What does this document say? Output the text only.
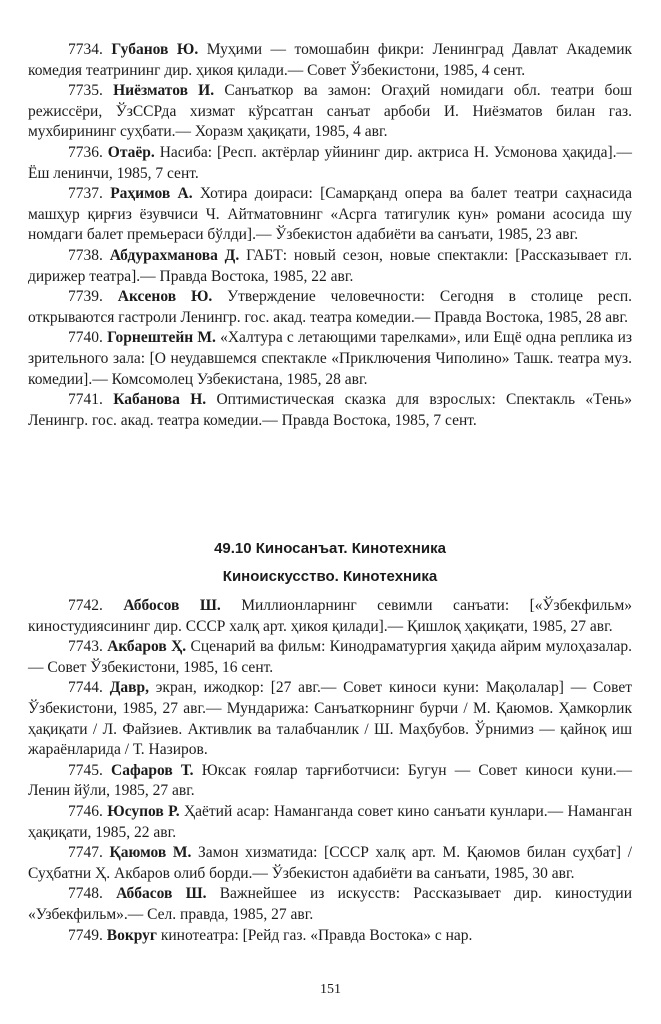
7734. Губанов Ю. Муҳими — томошабин фикри: Ленинград Давлат Академик комедия театрининг дир. ҳикоя қилади.— Совет Ўзбекистони, 1985, 4 сент.

7735. Ниёзматов И. Санъаткор ва замон: Огаҳий номидаги обл. театри бош режиссёри, ЎзССРда хизмат кўрсатган санъат арбоби И. Ниёзматов билан газ. мухбирининг суҳбати.— Хоразм ҳақиқати, 1985, 4 авг.

7736. Отаёр. Насиба: [Респ. актёрлар уйининг дир. актриса Н. Усмонова ҳақида].— Ёш ленинчи, 1985, 7 сент.

7737. Раҳимов А. Хотира доираси: [Самарқанд опера ва балет театри саҳнасида машҳур қирғиз ёзувчиси Ч. Айтматовнинг «Асрга татигулик кун» романи асосида шу номдаги балет премьераси бўлди].— Ўзбекистон адабиёти ва санъати, 1985, 23 авг.

7738. Абдурахманова Д. ГАБТ: новый сезон, новые спектакли: [Рассказывает гл. дирижер театра].— Правда Востока, 1985, 22 авг.

7739. Аксенов Ю. Утверждение человечности: Сегодня в столице респ. открываются гастроли Ленингр. гос. акад. театра комедии.— Правда Востока, 1985, 28 авг.

7740. Горнештейн М. «Халтура с летающими тарелками», или Ещё одна реплика из зрительного зала: [О неудавшемся спектакле «Приключения Чиполино» Ташк. театра муз. комедии].— Комсомолец Узбекистана, 1985, 28 авг.

7741. Кабанова Н. Оптимистическая сказка для взрослых: Спектакль «Тень» Ленингр. гос. акад. театра комедии.— Правда Востока, 1985, 7 сент.

49.10 Киносанъат. Кинотехника
Киноискусство. Кинотехника

7742. Аббосов Ш. Миллионларнинг севимли санъати: [«Ўзбекфильм» киностудиясининг дир. СССР халқ арт. ҳикоя қилади].— Қишлоқ ҳақиқати, 1985, 27 авг.

7743. Акбаров Ҳ. Сценарий ва фильм: Кинодраматургия ҳақида айрим мулоҳазалар.— Совет Ўзбекистони, 1985, 16 сент.

7744. Давр, экран, ижодкор: [27 авг.— Совет киноси куни: Мақолалар] — Совет Ўзбекистони, 1985, 27 авг.— Мундарижа: Санъаткорнинг бурчи / М. Қаюмов. Ҳамкорлик ҳақиқати / Л. Файзиев. Активлик ва талабчанлик / Ш. Маҳбубов. Ўрнимиз — қайноқ иш жараёнларида / Т. Назиров.

7745. Сафаров Т. Юксак ғоялар тарғиботчиси: Бугун — Совет киноси куни.— Ленин йўли, 1985, 27 авг.

7746. Юсупов Р. Ҳаётий асар: Наманганда совет кино санъати кунлари.— Наманган ҳақиқати, 1985, 22 авг.

7747. Қаюмов М. Замон хизматида: [СССР халқ арт. М. Қаюмов билан суҳбат] / Суҳбатни Ҳ. Акбаров олиб борди.— Ўзбекистон адабиёти ва санъати, 1985, 30 авг.

7748. Аббасов Ш. Важнейшее из искусств: Рассказывает дир. киностудии «Узбекфильм».— Сел. правда, 1985, 27 авг.

7749. Вокруг кинотеатра: [Рейд газ. «Правда Востока» с нар.

151
